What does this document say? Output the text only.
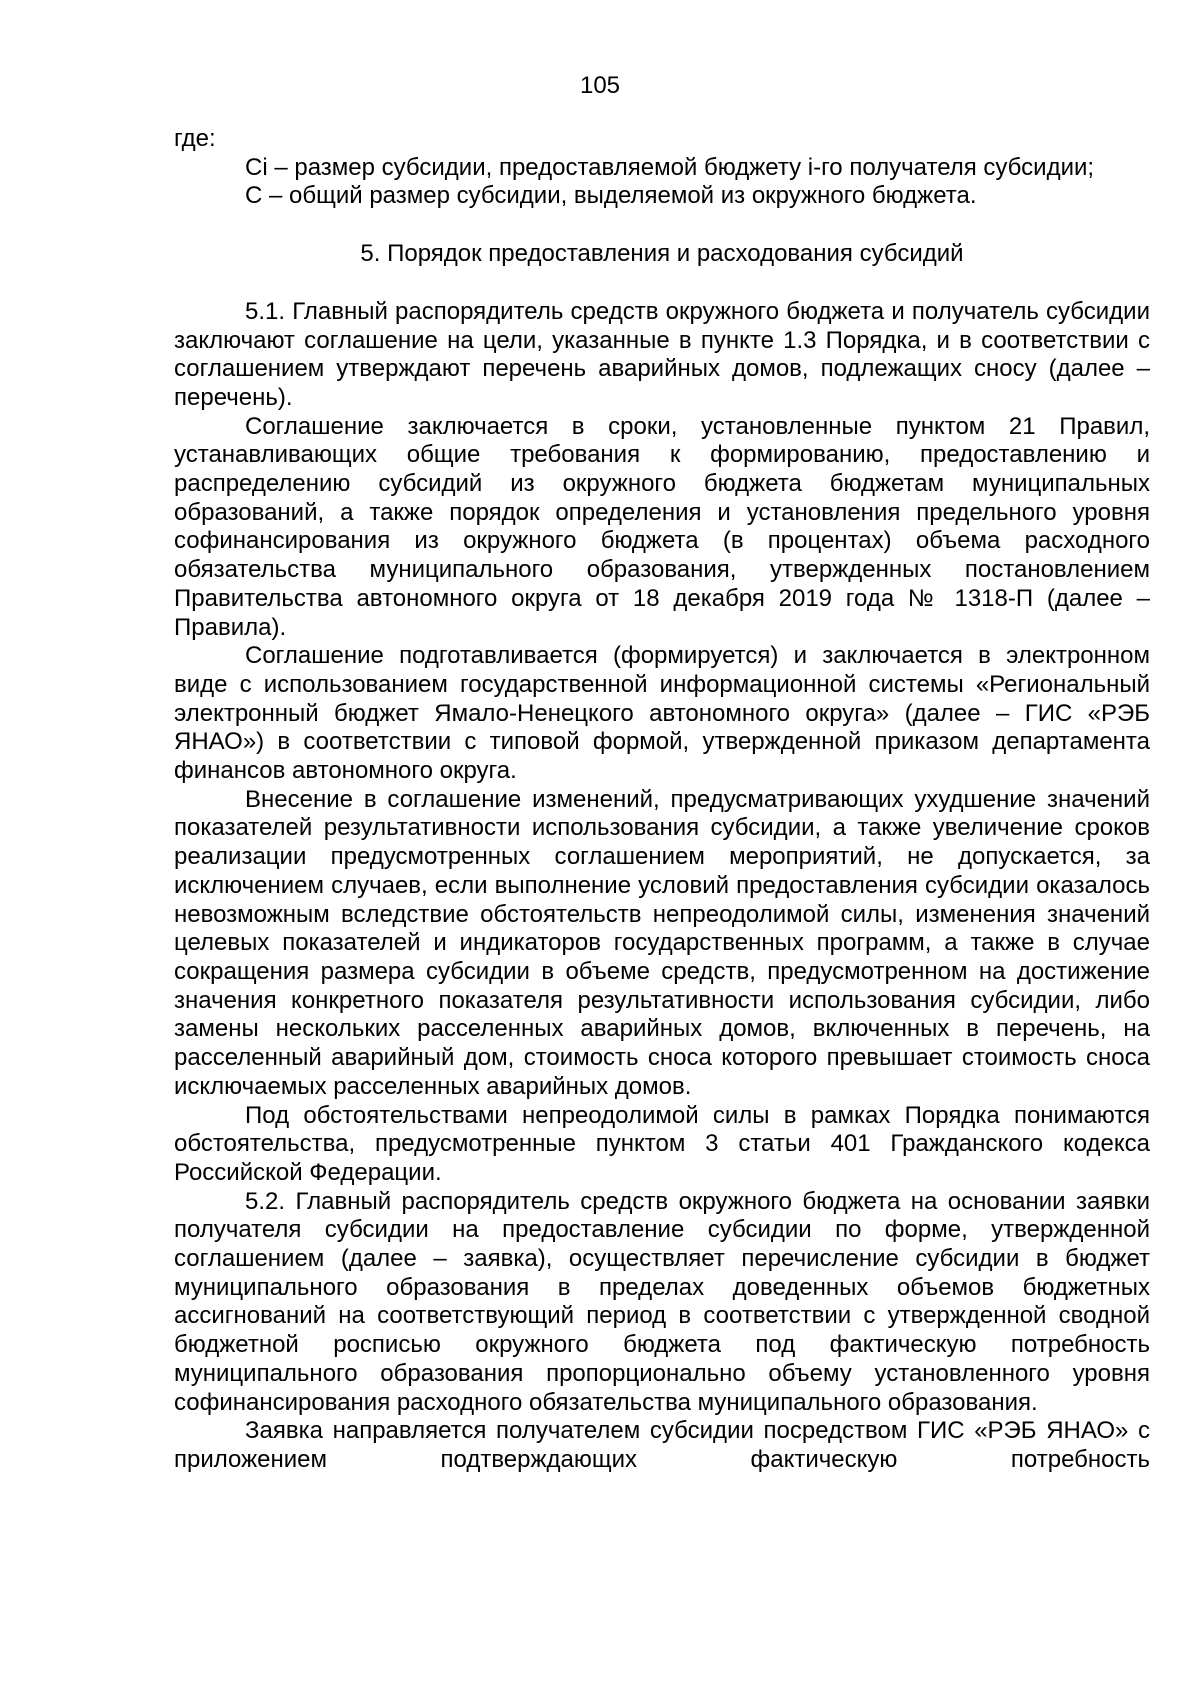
105

где:

Ci – размер субсидии, предоставляемой бюджету i-го получателя субсидии;

С – общий размер субсидии, выделяемой из окружного бюджета.

5. Порядок предоставления и расходования субсидий

5.1. Главный распорядитель средств окружного бюджета и получатель субсидии заключают соглашение на цели, указанные в пункте 1.3 Порядка, и в соответствии с соглашением утверждают перечень аварийных домов, подлежащих сносу (далее – перечень).

Соглашение заключается в сроки, установленные пунктом 21 Правил, устанавливающих общие требования к формированию, предоставлению и распределению субсидий из окружного бюджета бюджетам муниципальных образований, а также порядок определения и установления предельного уровня софинансирования из окружного бюджета (в процентах) объема расходного обязательства муниципального образования, утвержденных постановлением Правительства автономного округа от 18 декабря 2019 года № 1318-П (далее – Правила).

Соглашение подготавливается (формируется) и заключается в электронном виде с использованием государственной информационной системы «Региональный электронный бюджет Ямало-Ненецкого автономного округа» (далее – ГИС «РЭБ ЯНАО») в соответствии с типовой формой, утвержденной приказом департамента финансов автономного округа.

Внесение в соглашение изменений, предусматривающих ухудшение значений показателей результативности использования субсидии, а также увеличение сроков реализации предусмотренных соглашением мероприятий, не допускается, за исключением случаев, если выполнение условий предоставления субсидии оказалось невозможным вследствие обстоятельств непреодолимой силы, изменения значений целевых показателей и индикаторов государственных программ, а также в случае сокращения размера субсидии в объеме средств, предусмотренном на достижение значения конкретного показателя результативности использования субсидии, либо замены нескольких расселенных аварийных домов, включенных в перечень, на расселенный аварийный дом, стоимость сноса которого превышает стоимость сноса исключаемых расселенных аварийных домов.

Под обстоятельствами непреодолимой силы в рамках Порядка понимаются обстоятельства, предусмотренные пунктом 3 статьи 401 Гражданского кодекса Российской Федерации.

5.2. Главный распорядитель средств окружного бюджета на основании заявки получателя субсидии на предоставление субсидии по форме, утвержденной соглашением (далее – заявка), осуществляет перечисление субсидии в бюджет муниципального образования в пределах доведенных объемов бюджетных ассигнований на соответствующий период в соответствии с утвержденной сводной бюджетной росписью окружного бюджета под фактическую потребность муниципального образования пропорционально объему установленного уровня софинансирования расходного обязательства муниципального образования.

Заявка направляется получателем субсидии посредством ГИС «РЭБ ЯНАО» с приложением подтверждающих фактическую потребность
